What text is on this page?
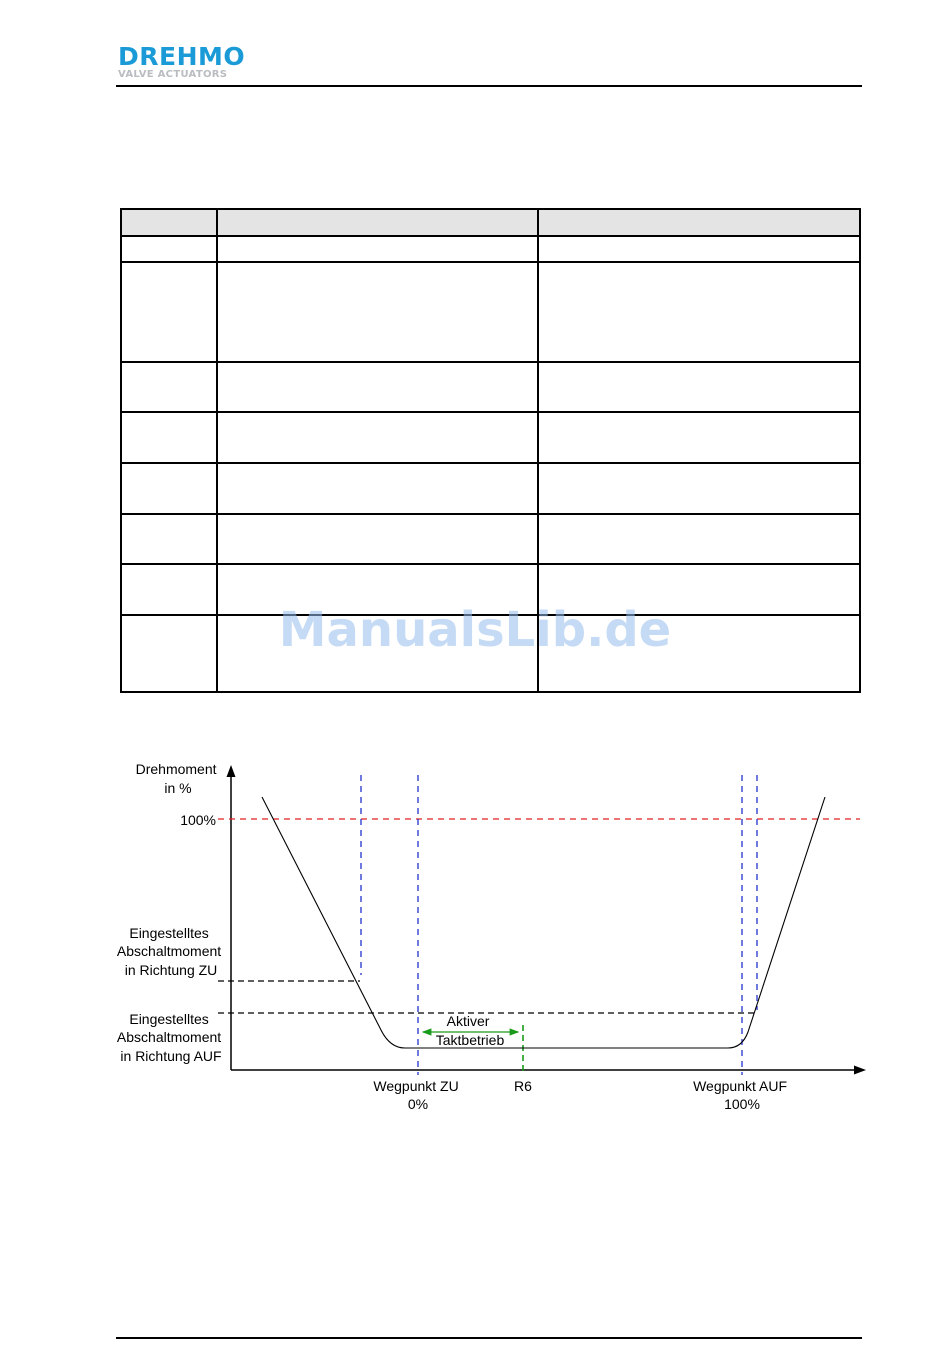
DREHMO
VALVE ACTUATORS

ManualsLib.de
Drehmoment in %
100%
Eingestelltes Abschaltmoment in Richtung ZU
Eingestelltes Abschaltmoment in Richtung AUF
Aktiver Taktbetrieb
Wegpunkt ZU 0%
R6	Wegpunkt AUF 100%
